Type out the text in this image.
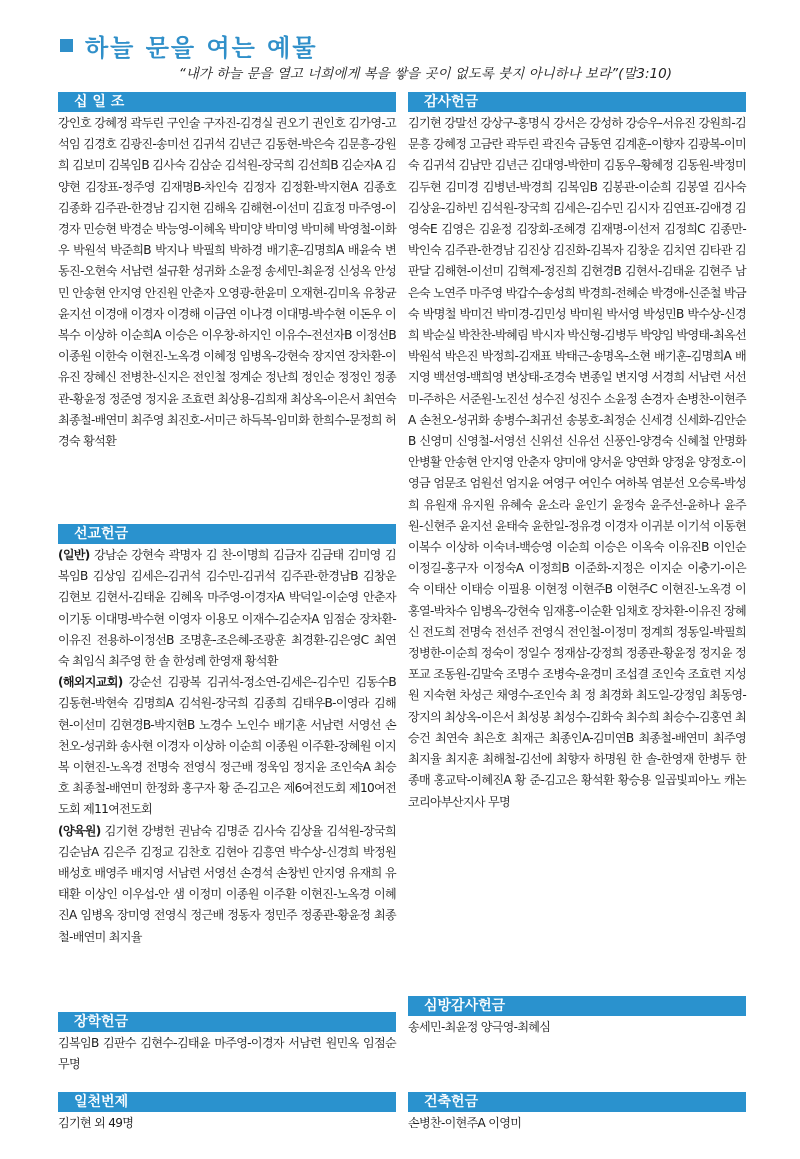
하늘 문을 여는 예물
“내가 하늘 문을 열고 너희에게 복을 쌓을 곳이 없도록 붓지 아니하나 보라”(말3:10)
십 일 조
강인호 강혜정 곽두린 구인술 구자진-김경실 권오기 권인호 김가영-고석임 김경호 김광진-송미선 김귀석 김년근 김동현-박은숙 김문흥-강원희 김보미 김복임B 김사숙 김삼순 김석원-장국희 김선희B 김순자A 김양현 김장표-정주영 김재명B-차인숙 김정자 김정환-박지현A 김종호 김종화 김주관-한경남 김지현 김해옥 김해현-이선미 김효정 마주영-이경자 민승현 박경순 박능영-이혜옥 박미양 박미영 박미혜 박영철-이화우 박원석 박준희B 박지나 박필희 박하경 배기훈-김명희A 배윤숙 변동진-오현숙 서남련 설규환 성귀화 소윤정 송세민-최윤정 신성옥 안성민 안송현 안지영 안진원 안춘자 오영광-한윤미 오재현-김미옥 유창균 윤지선 이경애 이경자 이경해 이금연 이나경 이대명-박수현 이돈우 이복수 이상하 이순희A 이승은 이우창-하지인 이유수-전선자B 이정선B 이종원 이한숙 이현진-노옥경 이혜정 임병옥-강현숙 장지연 장차환-이유진 장혜신 전병찬-신지은 전인철 정계순 정난희 정인순 정정인 정종관-황윤정 정준영 정지윤 조효련 최상용-김희재 최상옥-이은서 최연숙 최종철-배연미 최주영 최진호-서미근 하득복-임미화 한희수-문정희 허경숙 황석환
선교헌금
(일반) 강남순 강현숙 곽명자 김 찬-이명희 김금자 김금태 김미영 김복임B 김상임 김세은-김귀석 김수민-김귀석 김주관-한경남B 김창운 김현보 김현서-김태윤 김혜옥 마주영-이경자A 박덕일-이순영 안춘자 이기동 이대명-박수현 이영자 이용모 이재수-김순자A 임점순 장차환-이유진 전용하-이정선B 조명훈-조은혜-조광훈 최경환-김은영C 최연숙 최임식 최주영 한 솔 한성례 한영재 황석환
(해외지교회) 강순선 김광복 김귀석-정소연-김세은-김수민 김동수B 김동현-박현숙 김명희A 김석원-장국희 김종희 김태우B-이영라 김해현-이선미 김현경B-박지현B 노경수 노인수 배기훈 서남련 서영선 손천오-성귀화 송사현 이경자 이상하 이순희 이종원 이주환-장혜원 이지복 이현진-노옥경 전명숙 전영식 정근배 정욱임 정지윤 조인숙A 최승호 최종철-배연미 한정화 홍구자 황 준-김고은 제6여전도회 제10여전도회 제11여전도회
(양육원) 김기현 강병헌 권남숙 김명준 김사숙 김상율 김석원-장국희 김순남A 김은주 김정교 김찬호 김현아 김흥연 박수상-신경희 박정원 배성호 배영주 배지영 서남련 서영선 손경석 손창빈 안지영 유재희 유태환 이상인 이우섭-안 샘 이정미 이종원 이주환 이현진-노옥경 이혜진A 임병옥 장미영 전영식 정근배 정동자 정민주 정종관-황윤정 최종철-배연미 최지율
장학헌금
김복임B 김판수 김현수-김태윤 마주영-이경자 서남련 원민옥 임점순 무명
일천번제
김기현 외 49명
감사헌금
김기현 강말선 강상구-홍명식 강서은 강성하 강승우-서유진 강원희-김문흥 강혜정 고금란 곽두린 곽진숙 금동연 김계훈-이향자 김광복-이미숙 김귀석 김남만 김년근 김대영-박한미 김동우-황혜정 김동원-박정미 김두현 김미경 김병년-박경희 김복임B 김봉관-이순희 김봉열 김사숙 김상윤-김하빈 김석원-장국희 김세은-김수민 김시자 김연표-김애경 김영숙E 김영은 김윤정 김장회-조혜경 김재명-이선저 김정희C 김종만-박인숙 김주관-한경남 김진상 김진화-김복자 김창운 김치연 김타관 김판달 김해현-이선미 김혁제-정진희 김현경B 김현서-김태윤 김현주 남은숙 노연주 마주영 박갑수-송성희 박경희-전혜순 박경애-신준철 박금숙 박명철 박미건 박미경-김민성 박미원 박서영 박성민B 박수상-신경희 박순실 박찬찬-박혜림 박시자 박신형-김병두 박양임 박영태-최옥선 박원석 박은진 박정희-김재표 박태근-송명옥-소현 배기훈-김명희A 배지영 백선영-백희영 변상태-조경숙 변종일 변지영 서경희 서남련 서선미-주하은 서준원-노진선 성수진 성진수 소윤정 손경자 손병찬-이현주A 손천오-성귀화 송병수-최귀선 송봉호-최정순 신세경 신세화-김안순B 신영미 신영철-서영선 신위선 신유선 신풍인-양경숙 신혜철 안명화 안병활 안송현 안지영 안춘자 양미애 양서윤 양연화 양정윤 양정호-이영금 엄문조 엄원선 엄지윤 여영구 여인수 여하복 염분선 오승록-박성희 유원재 유지원 유혜숙 윤소라 윤인기 윤정숙 윤주선-윤하나 윤주원-신현주 윤지선 윤태숙 윤한일-정유경 이경자 이귀분 이기석 이동현 이복수 이상하 이숙녀-백승영 이순희 이승은 이옥숙 이유진B 이인순 이정길-홍구자 이정숙A 이정희B 이준화-지정은 이지순 이충기-이은숙 이태산 이태승 이필용 이현정 이현주B 이현주C 이현진-노옥경 이홍열-박차수 임병옥-강현숙 임재홍-이순환 임채호 장차환-이유진 장혜신 전도희 전명숙 전선주 전영식 전인철-이정미 정계희 정동일-박필희 정병한-이순희 정숙이 정일수 정재삼-강정희 정종관-황윤정 정지윤 정포교 조동원-김말숙 조명수 조병숙-윤경미 조섭결 조인숙 조효련 지성원 지숙현 차성근 채영수-조인숙 최 정 최경화 최도일-강정임 최동영-장지의 최상옥-이은서 최성봉 최성수-김화숙 최수희 최승수-김홍연 최승건 최연숙 최은호 최재근 최종인A-김미연B 최종철-배연미 최주영 최지율 최지훈 최해철-김선에 최향자 하명원 한 솔-한영재 한병두 한종매 홍교탁-이혜진A 황 준-김고은 황석환 황승용 일곱빛피아노 캐논코리아부산지사 무명
심방감사헌금
송세민-최윤정 양극영-최혜심
건축헌금
손병찬-이현주A 이영미
